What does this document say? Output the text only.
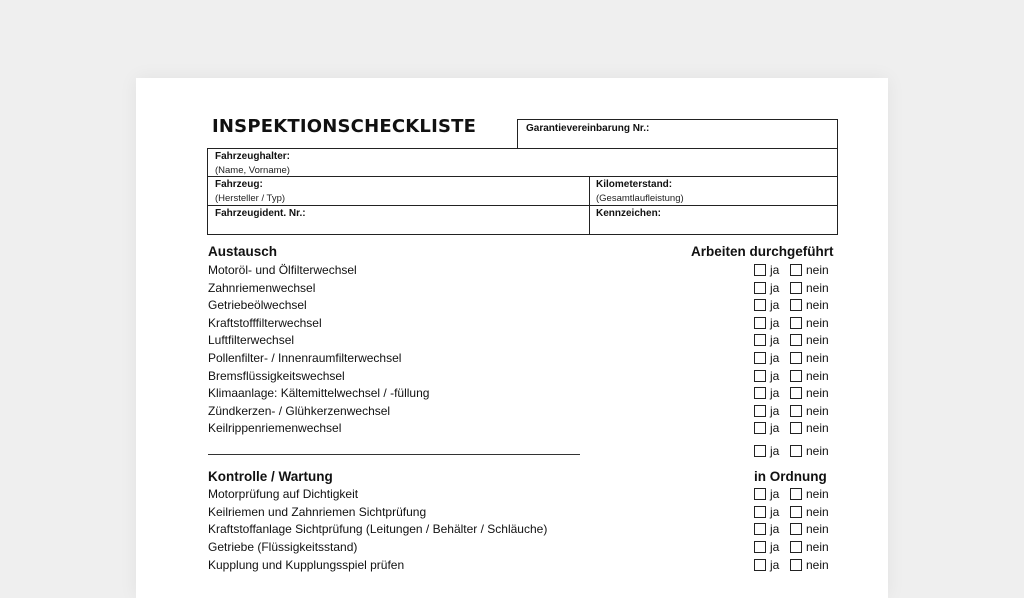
INSPEKTIONSCHECKLISTE	Garantievereinbarung Nr.:
Fahrzeughalter:
(Name, Vorname)
Fahrzeug:
(Hersteller / Typ)
Kilometerstand:
(Gesamtlaufleistung)
Fahrzeugident. Nr.:	Kennzeichen:
Austausch	Arbeiten durchgeführt
Motoröl- und Ölfilterwechsel	ja nein
Zahnriemenwechsel	ja nein
Getriebeölwechsel	ja nein
Kraftstofffilterwechsel	ja nein
Luftfilterwechsel	ja nein
Pollenfilter- / Innenraumfilterwechsel	ja nein
Bremsflüssigkeitswechsel	ja nein
Klimaanlage: Kältemittelwechsel / -füllung	ja nein
Zündkerzen- / Glühkerzenwechsel	ja nein
Keilrippenriemenwechsel	ja nein
ja nein
Kontrolle / Wartung	in Ordnung
Motorprüfung auf Dichtigkeit	ja nein
Keilriemen und Zahnriemen Sichtprüfung	ja nein
Kraftstoffanlage Sichtprüfung (Leitungen / Behälter / Schläuche)	ja nein
Getriebe (Flüssigkeitsstand)	ja nein
Kupplung und Kupplungsspiel prüfen	ja nein
